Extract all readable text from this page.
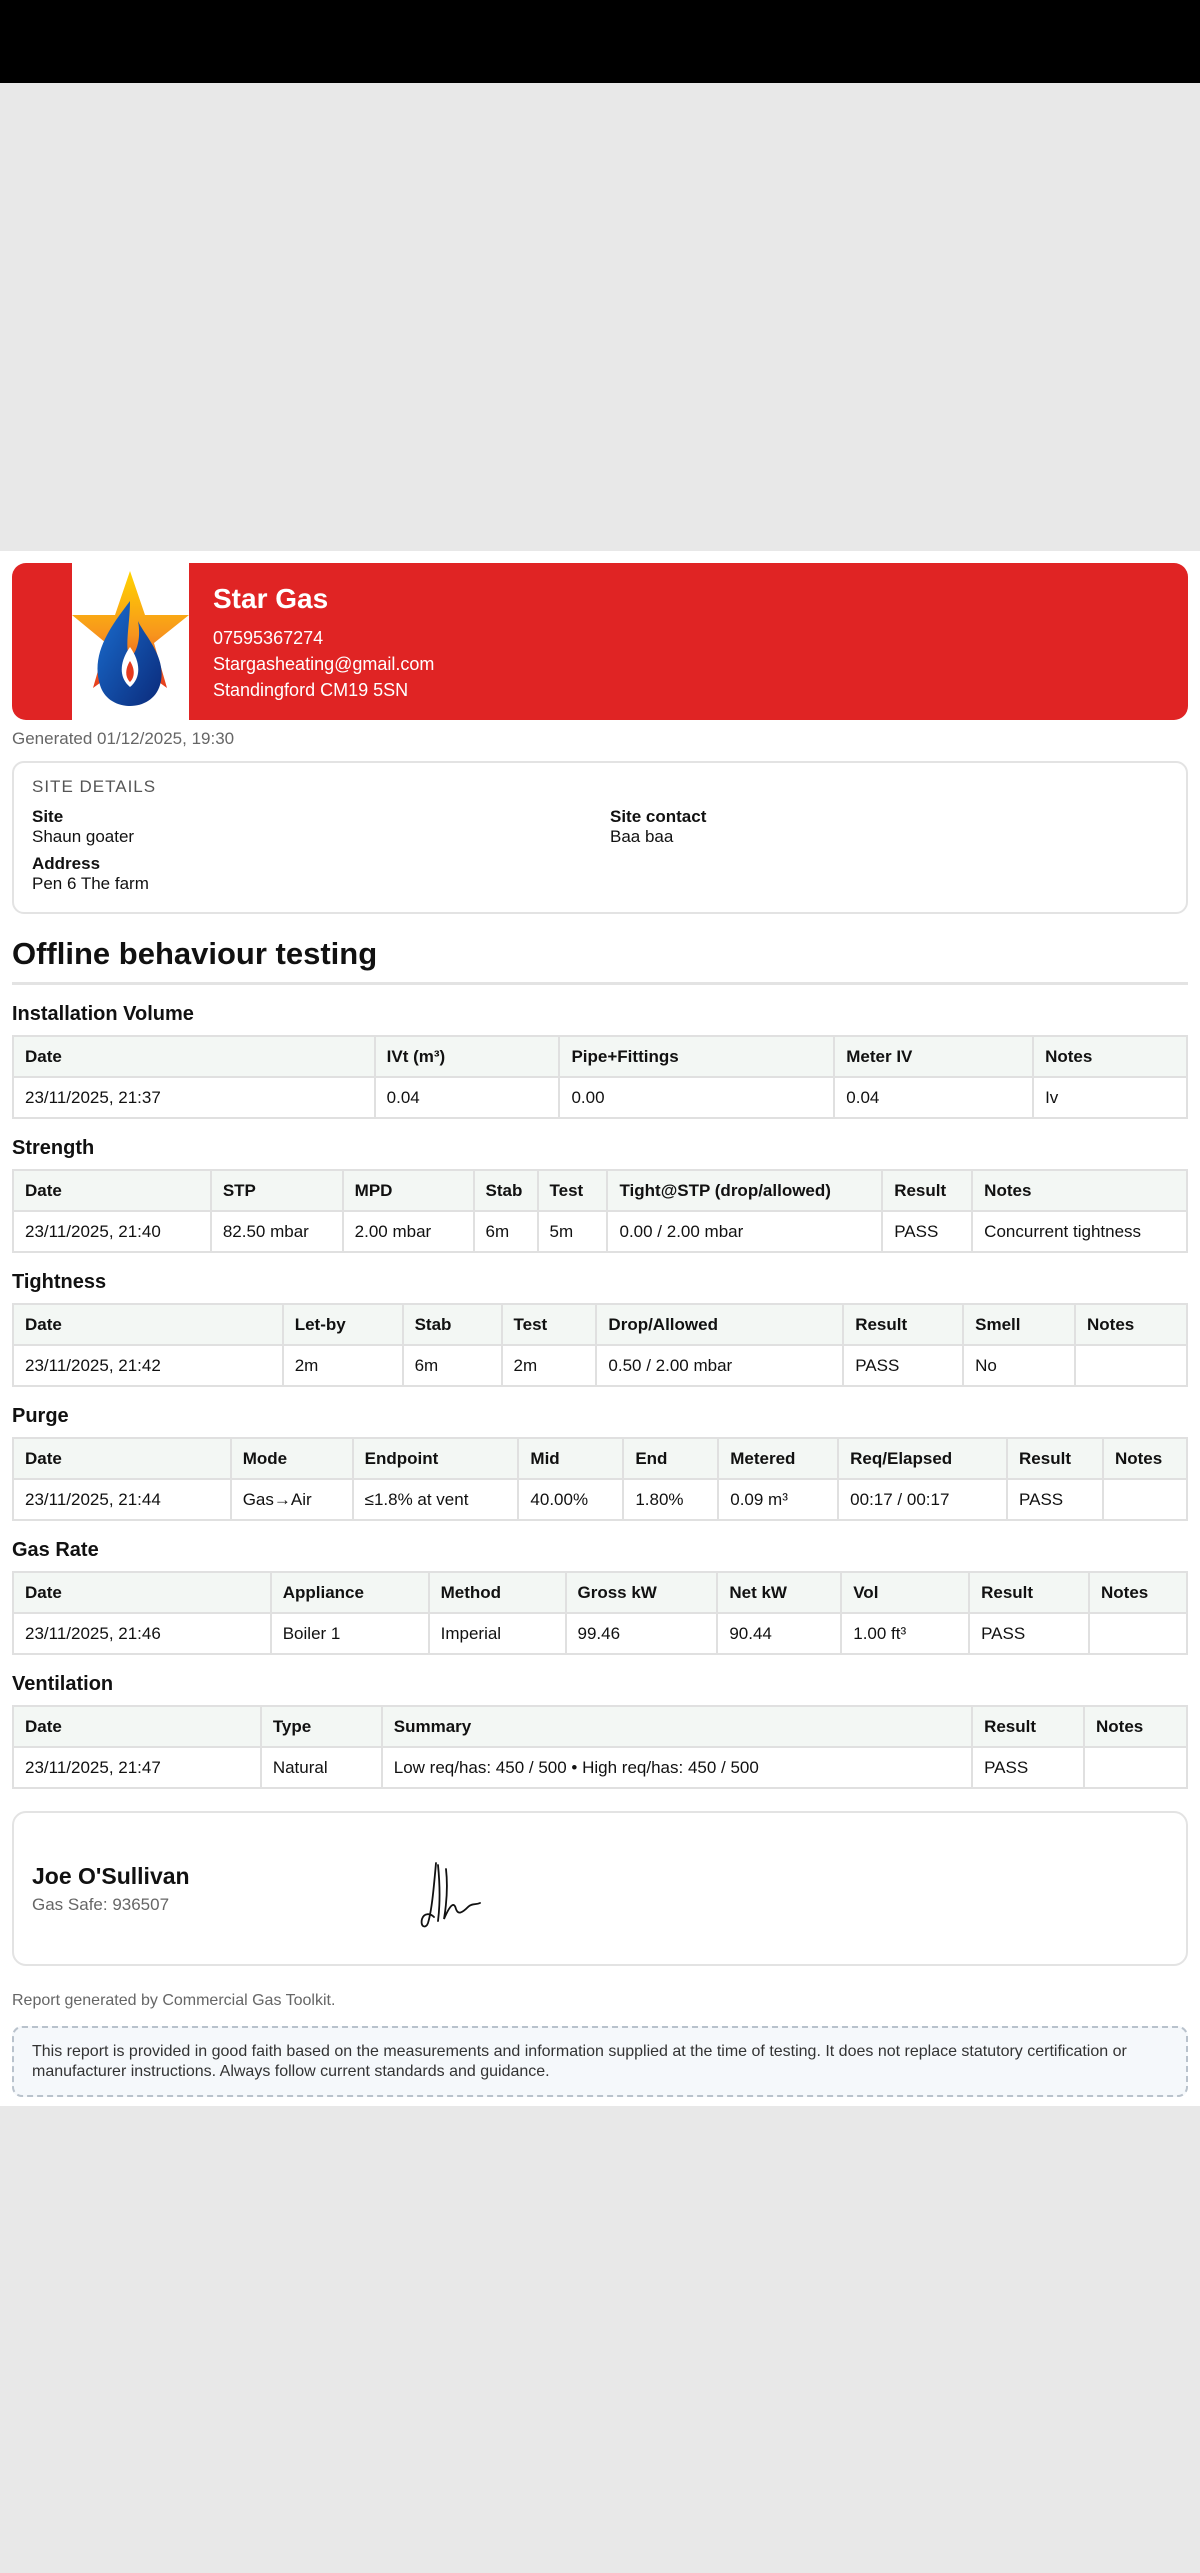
Star Gas
07595367274
Stargasheating@gmail.com
Standingford CM19 5SN
Generated 01/12/2025, 19:30
SITE DETAILS
Site
Shaun goater
Site contact
Baa baa
Address
Pen 6 The farm
Offline behaviour testing
Installation Volume
Date	IVt (m³)	Pipe+Fittings	Meter IV	Notes
23/11/2025, 21:37	0.04	0.00	0.04	Iv
Strength
Date	STP	MPD	Stab	Test	Tight@STP (drop/allowed)	Result	Notes
23/11/2025, 21:40	82.50 mbar	2.00 mbar	6m	5m	0.00 / 2.00 mbar	PASS	Concurrent tightness
Tightness
Date	Let-by	Stab	Test	Drop/Allowed	Result	Smell	Notes
23/11/2025, 21:42	2m	6m	2m	0.50 / 2.00 mbar	PASS	No	
Purge
Date	Mode	Endpoint	Mid	End	Metered	Req/Elapsed	Result	Notes
23/11/2025, 21:44	Gas→Air	≤1.8% at vent	40.00%	1.80%	0.09 m³	00:17 / 00:17	PASS	
Gas Rate
Date	Appliance	Method	Gross kW	Net kW	Vol	Result	Notes
23/11/2025, 21:46	Boiler 1	Imperial	99.46	90.44	1.00 ft³	PASS	
Ventilation
Date	Type	Summary	Result	Notes
23/11/2025, 21:47	Natural	Low req/has: 450 / 500 • High req/has: 450 / 500	PASS	
Joe O'Sullivan
Gas Safe: 936507
Report generated by Commercial Gas Toolkit.
This report is provided in good faith based on the measurements and information supplied at the time of testing. It does not replace statutory certification or manufacturer instructions. Always follow current standards and guidance.
